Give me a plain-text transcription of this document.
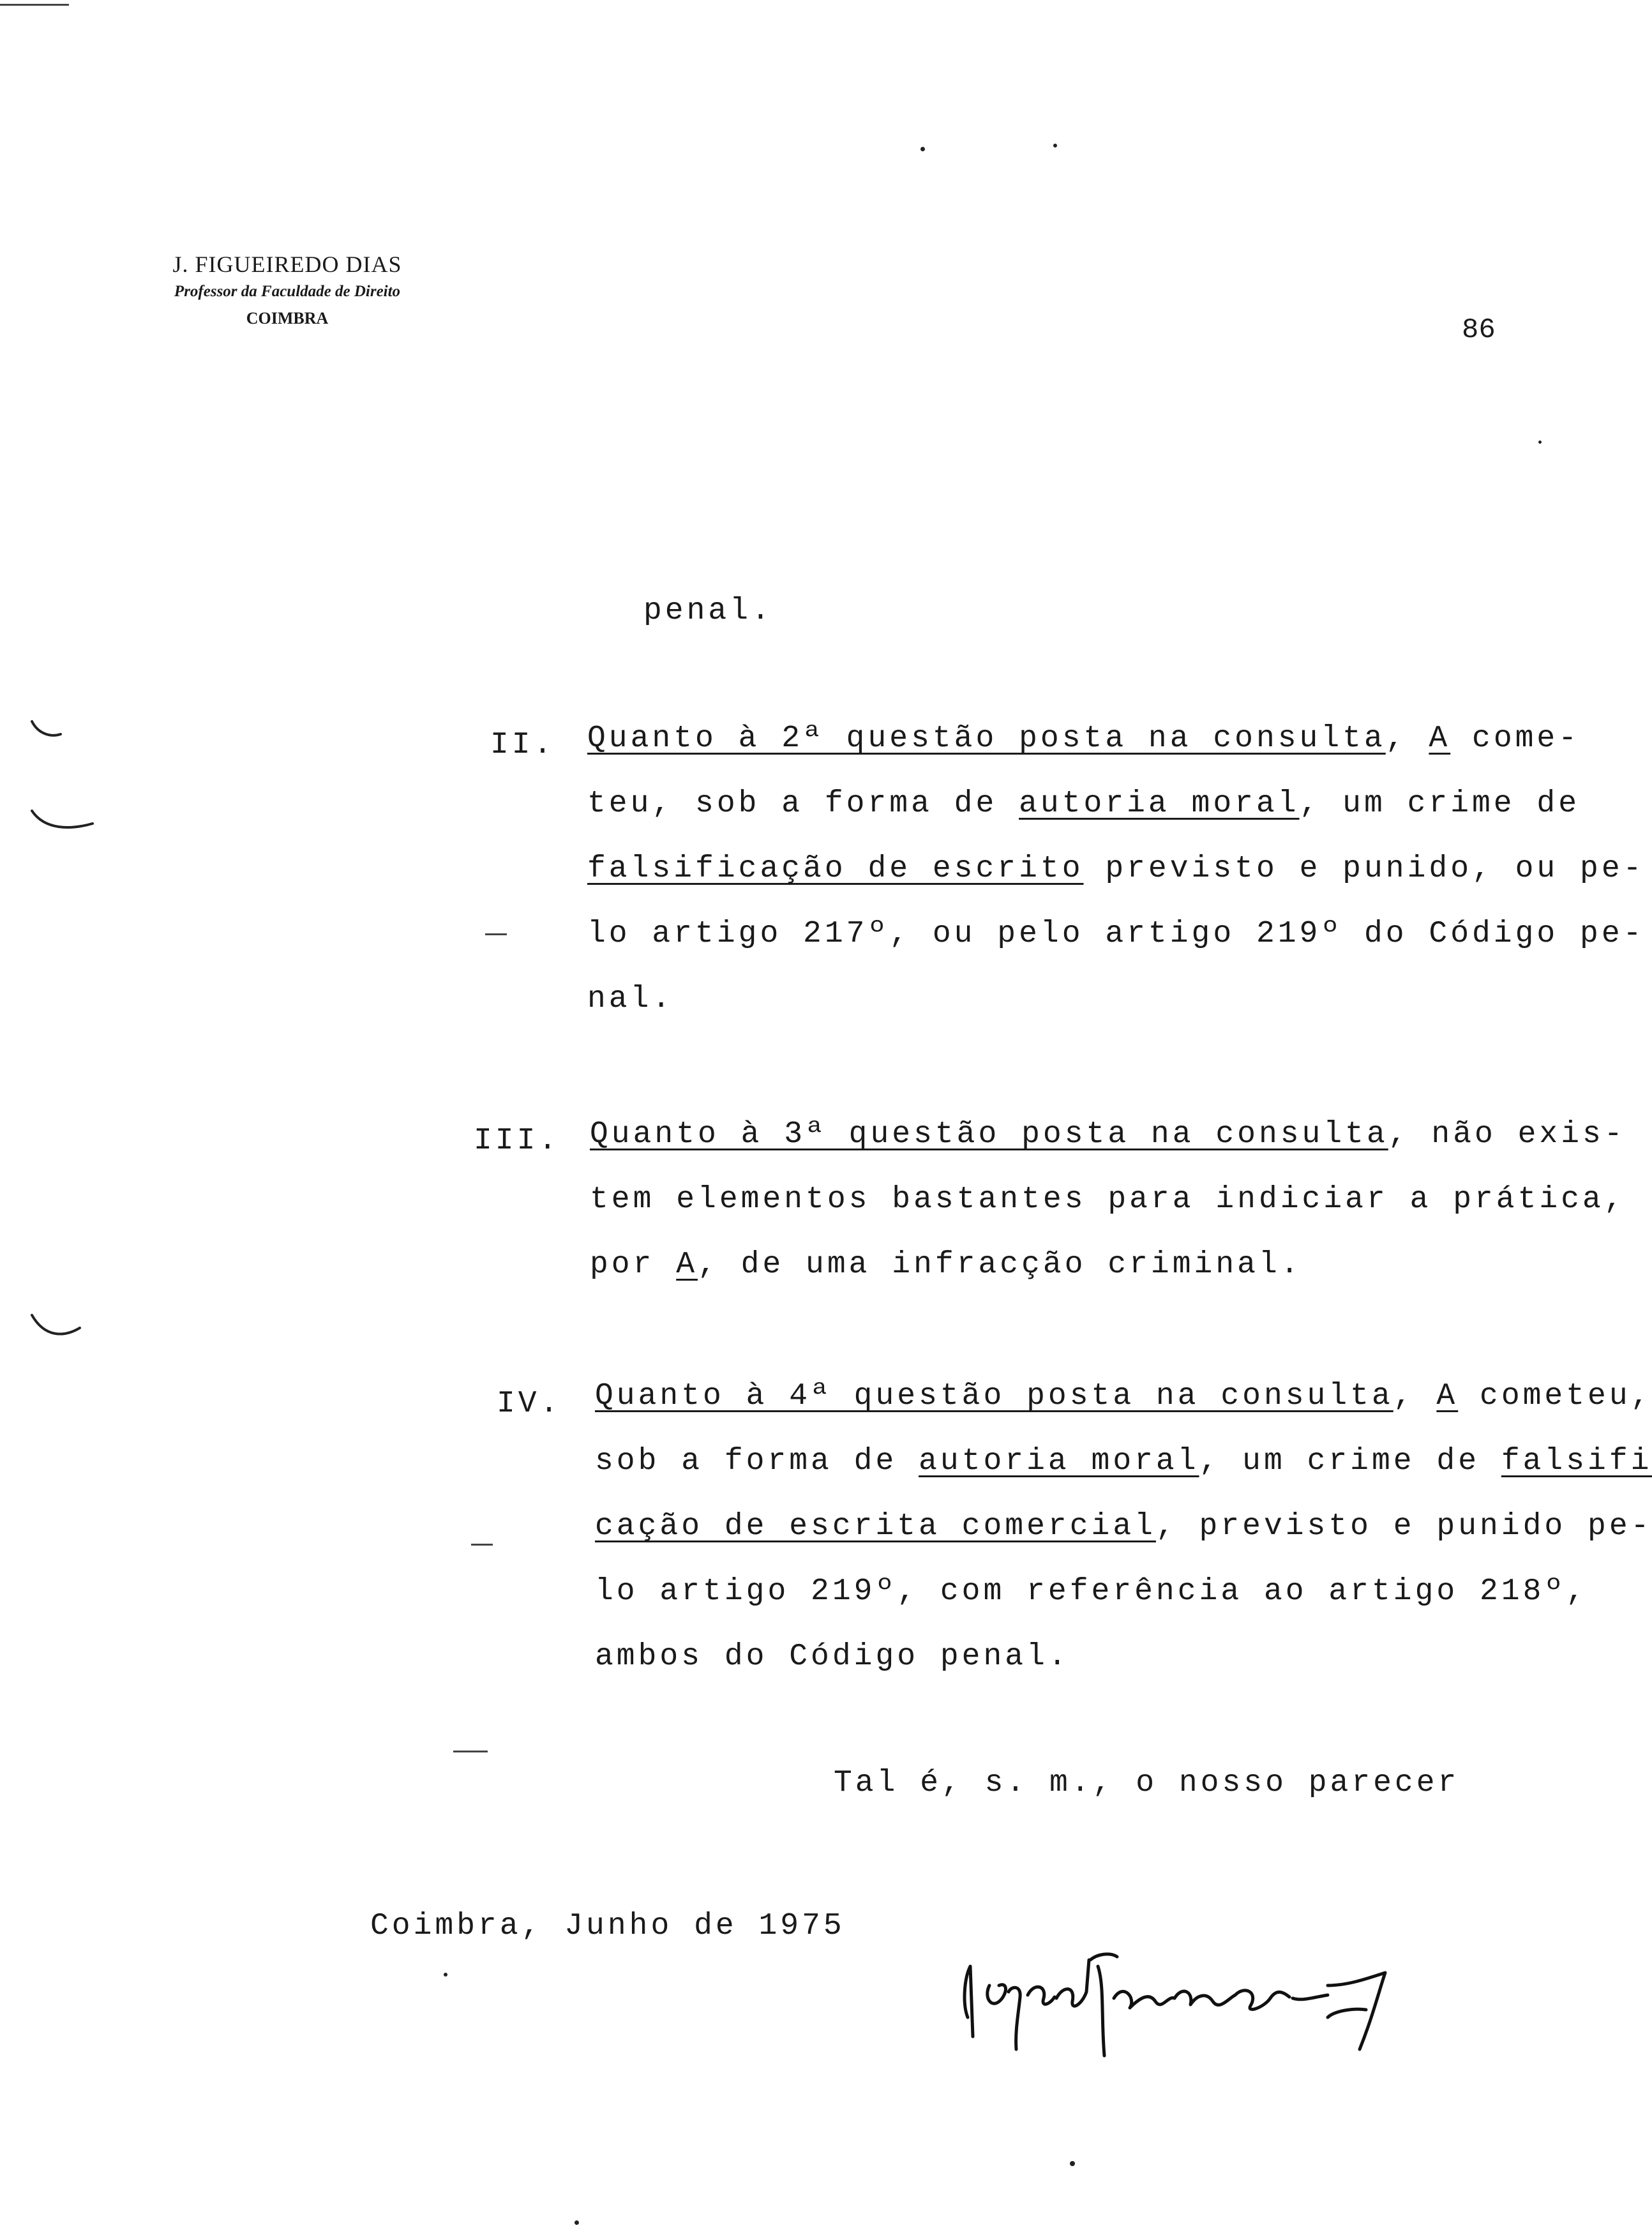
J. FIGUEIREDO DIAS
Professor da Faculdade de Direito
COIMBRA	86
penal.
II. Quanto à 2ª questão posta na consulta, A come-
teu, sob a forma de autoria moral, um crime de
falsificação de escrito previsto e punido, ou pe-
lo artigo 217º, ou pelo artigo 219º do Código pe-
nal.
III. Quanto à 3ª questão posta na consulta, não exis-
tem elementos bastantes para indiciar a prática,
por A, de uma infracção criminal.
IV. Quanto à 4ª questão posta na consulta, A cometeu,
sob a forma de autoria moral, um crime de falsifi
cação de escrita comercial, previsto e punido pe-
lo artigo 219º, com referência ao artigo 218º,
ambos do Código penal.
Tal é, s. m., o nosso parecer
Coimbra, Junho de 1975
